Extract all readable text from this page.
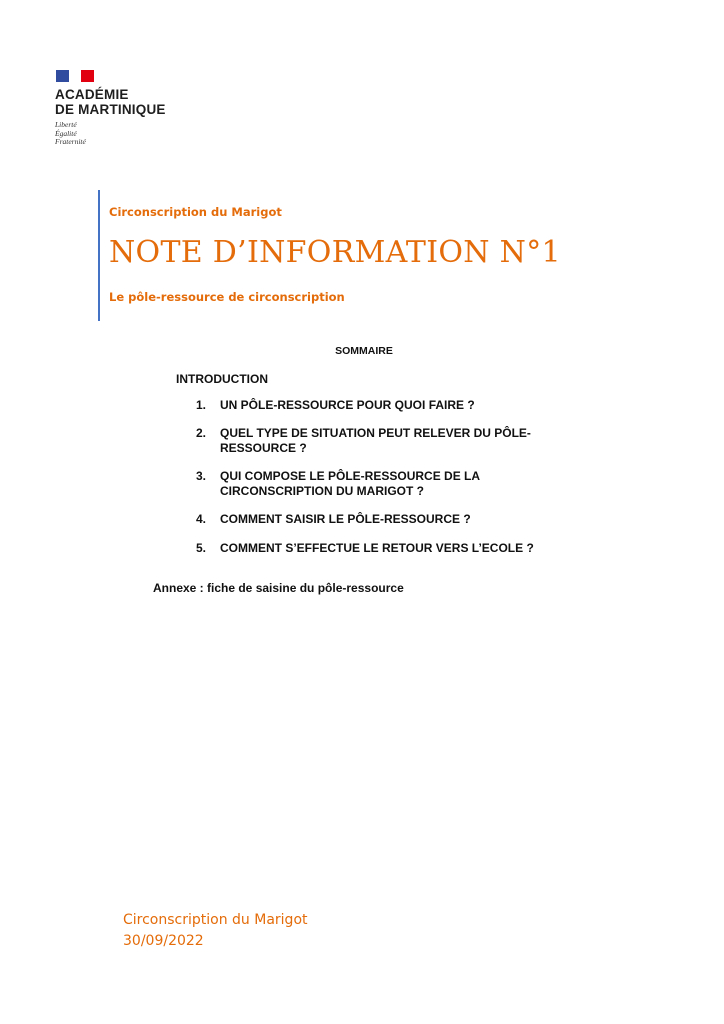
ACADÉMIE
DE MARTINIQUE
Liberté
Égalité
Fraternité
Circonscription du Marigot
NOTE D’INFORMATION N°1
Le pôle-ressource de circonscription
SOMMAIRE
INTRODUCTION
1.	UN PÔLE-RESSOURCE POUR QUOI FAIRE ?
2.	QUEL TYPE DE SITUATION PEUT RELEVER DU PÔLE-RESSOURCE ?
3.	QUI COMPOSE LE PÔLE-RESSOURCE DE LA CIRCONSCRIPTION DU MARIGOT ?
4.	COMMENT SAISIR LE PÔLE-RESSOURCE ?
5.	COMMENT S’EFFECTUE LE RETOUR VERS L’ECOLE ?
Annexe : fiche de saisine du pôle-ressource
Circonscription du Marigot
30/09/2022
